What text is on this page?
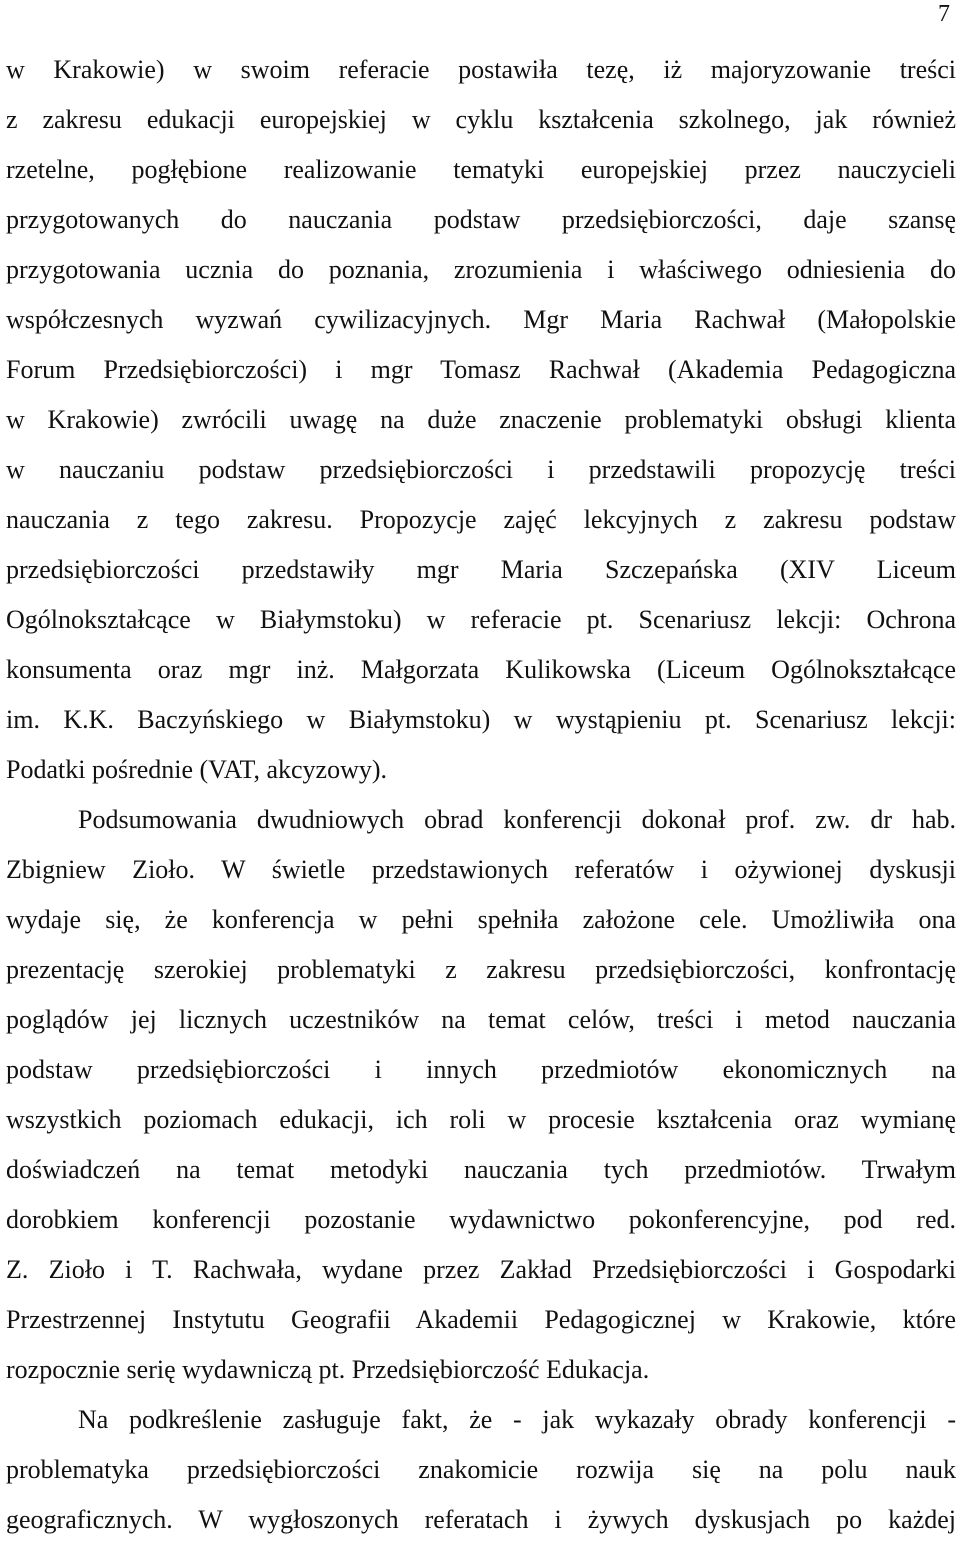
7
w Krakowie) w swoim referacie postawiła tezę, iż majoryzowanie treści
z zakresu edukacji europejskiej w cyklu kształcenia szkolnego, jak również
rzetelne, pogłębione realizowanie tematyki europejskiej przez nauczycieli
przygotowanych do nauczania podstaw przedsiębiorczości, daje szansę
przygotowania ucznia do poznania, zrozumienia i właściwego odniesienia do
współczesnych wyzwań cywilizacyjnych. Mgr Maria Rachwał (Małopolskie
Forum Przedsiębiorczości) i mgr Tomasz Rachwał (Akademia Pedagogiczna
w Krakowie) zwrócili uwagę na duże znaczenie problematyki obsługi klienta
w nauczaniu podstaw przedsiębiorczości i przedstawili propozycję treści
nauczania z tego zakresu. Propozycje zajęć lekcyjnych z zakresu podstaw
przedsiębiorczości przedstawiły mgr Maria Szczepańska (XIV Liceum
Ogólnokształcące w Białymstoku) w referacie pt. Scenariusz lekcji: Ochrona
konsumenta oraz mgr inż. Małgorzata Kulikowska (Liceum Ogólnokształcące
im. K.K. Baczyńskiego w Białymstoku) w wystąpieniu pt. Scenariusz lekcji:
Podatki pośrednie (VAT, akcyzowy).
Podsumowania dwudniowych obrad konferencji dokonał prof. zw. dr hab.
Zbigniew Zioło. W świetle przedstawionych referatów i ożywionej dyskusji
wydaje się, że konferencja w pełni spełniła założone cele. Umożliwiła ona
prezentację szerokiej problematyki z zakresu przedsiębiorczości, konfrontację
poglądów jej licznych uczestników na temat celów, treści i metod nauczania
podstaw przedsiębiorczości i innych przedmiotów ekonomicznych na
wszystkich poziomach edukacji, ich roli w procesie kształcenia oraz wymianę
doświadczeń na temat metodyki nauczania tych przedmiotów. Trwałym
dorobkiem konferencji pozostanie wydawnictwo pokonferencyjne, pod red.
Z. Zioło i T. Rachwała, wydane przez Zakład Przedsiębiorczości i Gospodarki
Przestrzennej Instytutu Geografii Akademii Pedagogicznej w Krakowie, które
rozpocznie serię wydawniczą pt. Przedsiębiorczość Edukacja.
Na podkreślenie zasługuje fakt, że - jak wykazały obrady konferencji -
problematyka przedsiębiorczości znakomicie rozwija się na polu nauk
geograficznych. W wygłoszonych referatach i żywych dyskusjach po każdej
